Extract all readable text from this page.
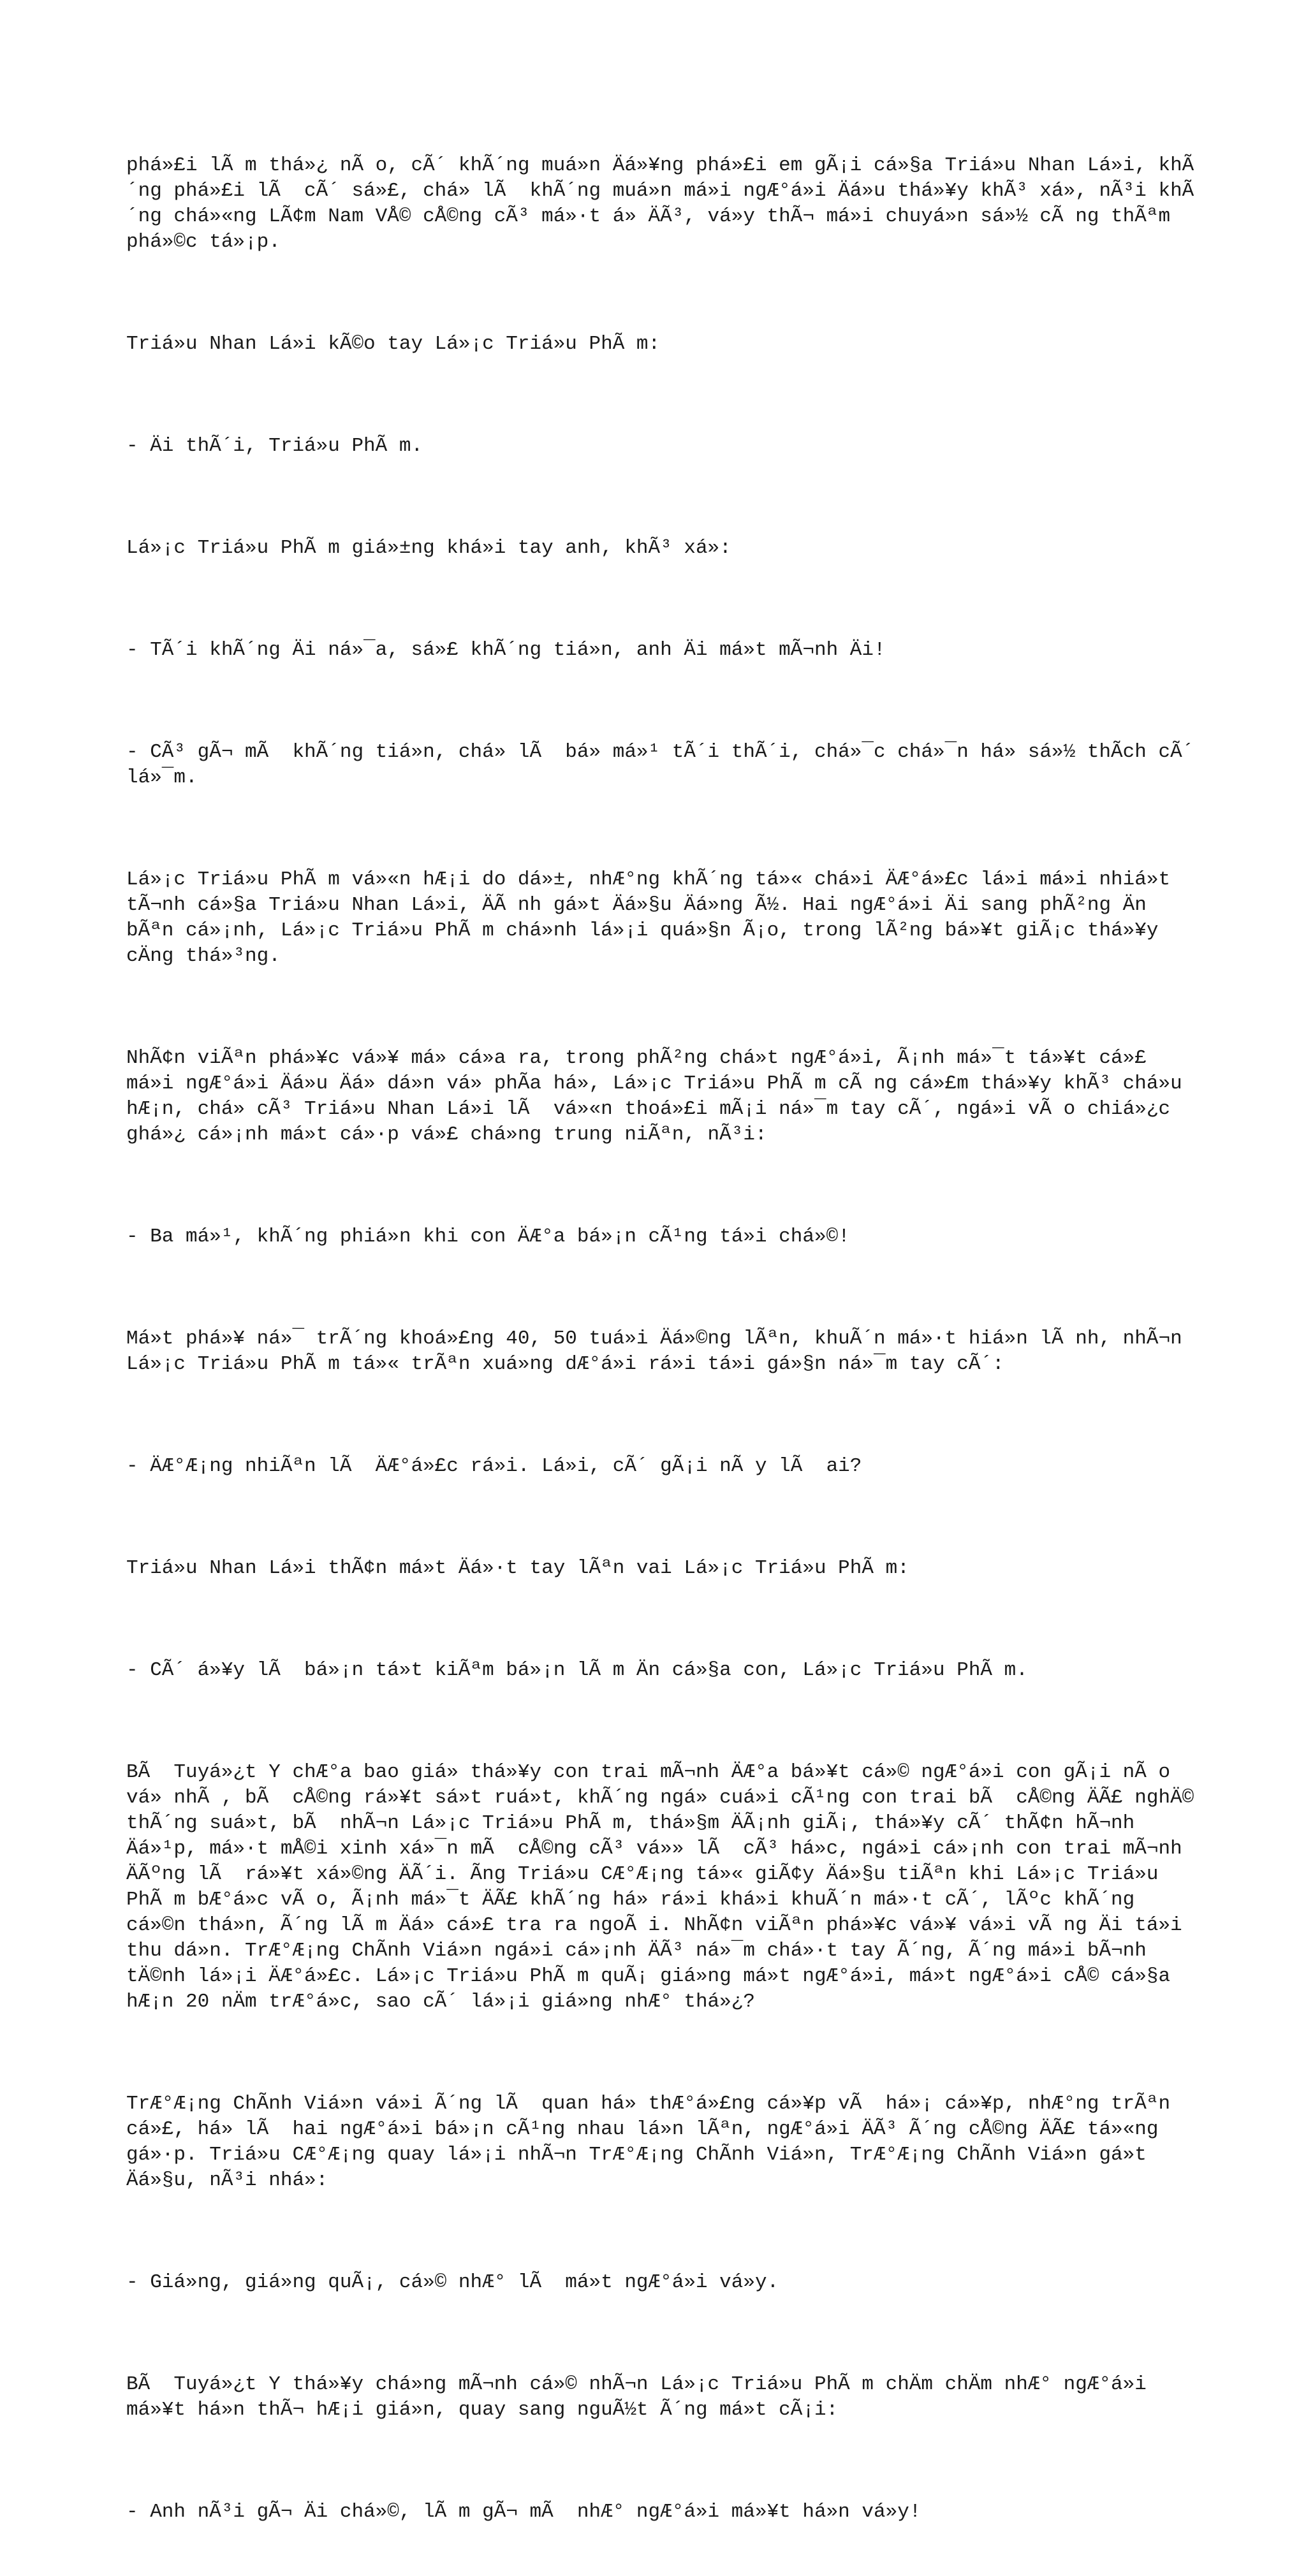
phá»£i lÃ m thá»¿ nÃ o, cÃ´ khÃ´ng muá»n Äá»¥ng phá»£i em gÃ¡i cá»§a Triá»u Nhan Lá»i, khÃ´ng phá»£i lÃ  cÃ´ sá»£, chá» lÃ  khÃ´ng muá»n má»i ngÆ°á»i Äá»u thá»¥y khÃ³ xá», nÃ³i khÃ´ng chá»«ng LÃ¢m Nam VÅ© cÅ©ng cÃ³ má»·t á» ÄÃ³, vá»y thÃ¬ má»i chuyá»n sá»½ cÃ ng thÃªm phá»©c tá»¡p.

Triá»u Nhan Lá»i kÃ©o tay Lá»¡c Triá»u PhÃ m:

- Äi thÃ´i, Triá»u PhÃ m.

Lá»¡c Triá»u PhÃ m giá»±ng khá»i tay anh, khÃ³ xá»:

- TÃ´i khÃ´ng Äi ná»¯a, sá»£ khÃ´ng tiá»n, anh Äi má»t mÃ¬nh Äi!

- CÃ³ gÃ¬ mÃ  khÃ´ng tiá»n, chá» lÃ  bá» má»¹ tÃ´i thÃ´i, chá»¯c chá»¯n há» sá»½ thÃch cÃ´ lá»¯m.

Lá»¡c Triá»u PhÃ m vá»«n hÆ¡i do dá»±, nhÆ°ng khÃ´ng tá»« chá»i ÄÆ°á»£c lá»i má»i nhiá»t tÃ¬nh cá»§a Triá»u Nhan Lá»i, ÄÃ nh gá»t Äá»§u Äá»ng Ã½. Hai ngÆ°á»i Äi sang phÃ²ng Än bÃªn cá»¡nh, Lá»¡c Triá»u PhÃ m chá»nh lá»¡i quá»§n Ã¡o, trong lÃ²ng bá»¥t giÃ¡c thá»¥y cÄng thá»³ng.

NhÃ¢n viÃªn phá»¥c vá»¥ má» cá»a ra, trong phÃ²ng chá»t ngÆ°á»i, Ã¡nh má»¯t tá»¥t cá»£ má»i ngÆ°á»i Äá»u Äá» dá»n vá» phÃa há», Lá»¡c Triá»u PhÃ m cÃ ng cá»£m thá»¥y khÃ³ chá»u hÆ¡n, chá» cÃ³ Triá»u Nhan Lá»i lÃ  vá»«n thoá»£i mÃ¡i ná»¯m tay cÃ´, ngá»i vÃ o chiá»¿c ghá»¿ cá»¡nh má»t cá»·p vá»£ chá»ng trung niÃªn, nÃ³i:

- Ba má»¹, khÃ´ng phiá»n khi con ÄÆ°a bá»¡n cÃ¹ng tá»i chá»©!

Má»t phá»¥ ná»¯ trÃ´ng khoá»£ng 40, 50 tuá»i Äá»©ng lÃªn, khuÃ´n má»·t hiá»n lÃ nh, nhÃ¬n Lá»¡c Triá»u PhÃ m tá»« trÃªn xuá»ng dÆ°á»i rá»i tá»i gá»§n ná»¯m tay cÃ´:

- ÄÆ°Æ¡ng nhiÃªn lÃ  ÄÆ°á»£c rá»i. Lá»i, cÃ´ gÃ¡i nÃ y lÃ  ai?

Triá»u Nhan Lá»i thÃ¢n má»t Äá»·t tay lÃªn vai Lá»¡c Triá»u PhÃ m:

- CÃ´ á»¥y lÃ  bá»¡n tá»t kiÃªm bá»¡n lÃ m Än cá»§a con, Lá»¡c Triá»u PhÃ m.

BÃ  Tuyá»¿t Y chÆ°a bao giá» thá»¥y con trai mÃ¬nh ÄÆ°a bá»¥t cá»© ngÆ°á»i con gÃ¡i nÃ o vá» nhÃ , bÃ  cÅ©ng rá»¥t sá»t ruá»t, khÃ´ng ngá» cuá»i cÃ¹ng con trai bÃ  cÅ©ng ÄÃ£ nghÄ© thÃ´ng suá»t, bÃ  nhÃ¬n Lá»¡c Triá»u PhÃ m, thá»§m ÄÃ¡nh giÃ¡, thá»¥y cÃ´ thÃ¢n hÃ¬nh Äá»¹p, má»·t mÅ©i xinh xá»¯n mÃ  cÅ©ng cÃ³ vá»» lÃ  cÃ³ há»c, ngá»i cá»¡nh con trai mÃ¬nh ÄÃºng lÃ  rá»¥t xá»©ng ÄÃ´i. Ãng Triá»u CÆ°Æ¡ng tá»« giÃ¢y Äá»§u tiÃªn khi Lá»¡c Triá»u PhÃ m bÆ°á»c vÃ o, Ã¡nh má»¯t ÄÃ£ khÃ´ng há» rá»i khá»i khuÃ´n má»·t cÃ´, lÃºc khÃ´ng cá»©n thá»n, Ã´ng lÃ m Äá» cá»£ tra ra ngoÃ i. NhÃ¢n viÃªn phá»¥c vá»¥ vá»i vÃ ng Äi tá»i thu dá»n. TrÆ°Æ¡ng ChÃnh Viá»n ngá»i cá»¡nh ÄÃ³ ná»¯m chá»·t tay Ã´ng, Ã´ng má»i bÃ¬nh tÄ©nh lá»¡i ÄÆ°á»£c. Lá»¡c Triá»u PhÃ m quÃ¡ giá»ng má»t ngÆ°á»i, má»t ngÆ°á»i cÅ© cá»§a hÆ¡n 20 nÄm trÆ°á»c, sao cÃ´ lá»¡i giá»ng nhÆ° thá»¿?

TrÆ°Æ¡ng ChÃnh Viá»n vá»i Ã´ng lÃ  quan há» thÆ°á»£ng cá»¥p vÃ  há»¡ cá»¥p, nhÆ°ng trÃªn cá»£, há» lÃ  hai ngÆ°á»i bá»¡n cÃ¹ng nhau lá»n lÃªn, ngÆ°á»i ÄÃ³ Ã´ng cÅ©ng ÄÃ£ tá»«ng gá»·p. Triá»u CÆ°Æ¡ng quay lá»¡i nhÃ¬n TrÆ°Æ¡ng ChÃnh Viá»n, TrÆ°Æ¡ng ChÃnh Viá»n gá»t Äá»§u, nÃ³i nhá»:

- Giá»ng, giá»ng quÃ¡, cá»© nhÆ° lÃ  má»t ngÆ°á»i vá»y.

BÃ  Tuyá»¿t Y thá»¥y chá»ng mÃ¬nh cá»© nhÃ¬n Lá»¡c Triá»u PhÃ m chÄm chÄm nhÆ° ngÆ°á»i má»¥t há»n thÃ¬ hÆ¡i giá»n, quay sang nguÃ½t Ã´ng má»t cÃ¡i:

- Anh nÃ³i gÃ¬ Äi chá»©, lÃ m gÃ¬ mÃ  nhÆ° ngÆ°á»i má»¥t há»n vá»y!
